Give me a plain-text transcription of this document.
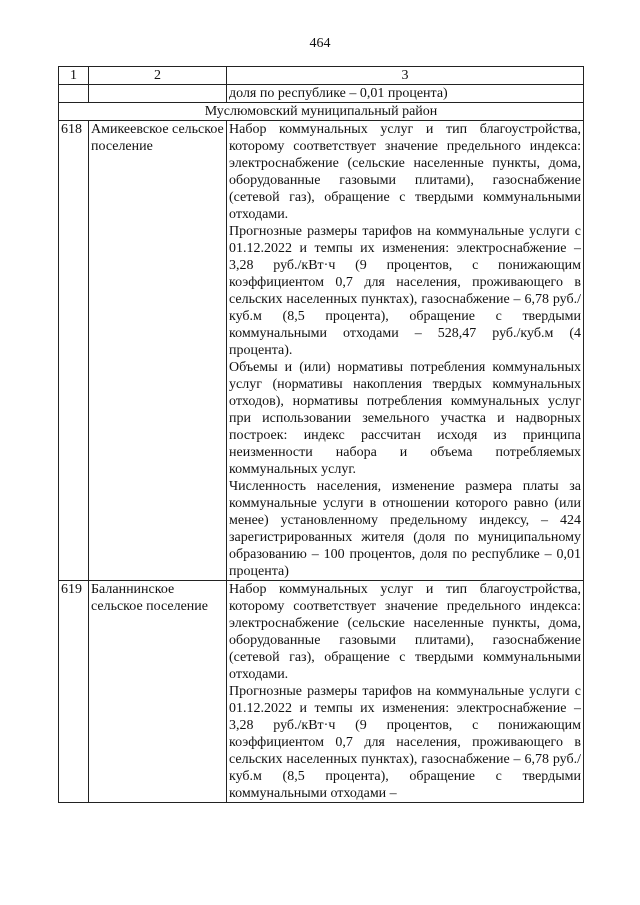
464
1	2	3
		доля по республике – 0,01 процента)
Муслюмовский муниципальный район		
618	Амикеевское сельское поселение	Набор коммунальных услуг и тип благоустройства, которому соответствует значение предельного индекса: электроснабжение (сельские населенные пункты, дома, оборудованные газовыми плитами), газоснабжение (сетевой газ), обращение с твердыми коммунальными отходами.

Прогнозные размеры тарифов на коммунальные услуги с 01.12.2022 и темпы их изменения: электроснабжение – 3,28 руб./кВт·ч (9 процентов, с понижающим коэффициентом 0,7 для населения, проживающего в сельских населенных пунктах), газоснабжение – 6,78 руб./куб.м (8,5 процента), обращение с твердыми коммунальными отходами – 528,47 руб./куб.м (4 процента).

Объемы и (или) нормативы потребления коммунальных услуг (нормативы накопления твердых коммунальных отходов), нормативы потребления коммунальных услуг при использовании земельного участка и надворных построек: индекс рассчитан исходя из принципа неизменности набора и объема потребляемых коммунальных услуг.

Численность населения, изменение размера платы за коммунальные услуги в отношении которого равно (или менее) установленному предельному индексу, – 424 зарегистрированных жителя (доля по муниципальному образованию – 100 процентов, доля по республике – 0,01 процента)

619	Баланнинское сельское поселение	Набор коммунальных услуг и тип благоустройства, которому соответствует значение предельного индекса: электроснабжение (сельские населенные пункты, дома, оборудованные газовыми плитами), газоснабжение (сетевой газ), обращение с твердыми коммунальными отходами.

Прогнозные размеры тарифов на коммунальные услуги с 01.12.2022 и темпы их изменения: электроснабжение – 3,28 руб./кВт·ч (9 процентов, с понижающим коэффициентом 0,7 для населения, проживающего в сельских населенных пунктах), газоснабжение – 6,78 руб./куб.м (8,5 процента), обращение с твердыми коммунальными отходами –
